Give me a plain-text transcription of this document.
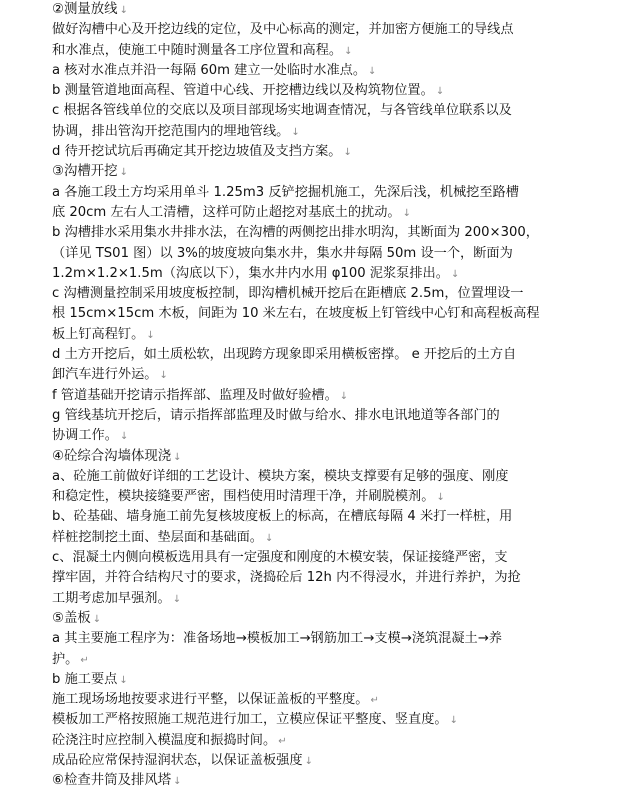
②测量放线 ↓
做好沟槽中心及开挖边线的定位，及中心标高的测定，并加密方便施工的导线点
和水准点，使施工中随时测量各工序位置和高程。 ↓
a 核对水准点并沿一每隔 60m 建立一处临时水准点。 ↓
b 测量管道地面高程、管道中心线、开挖槽边线以及构筑物位置。 ↓
c 根据各管线单位的交底以及项目部现场实地调查情况，与各管线单位联系以及
协调，排出管沟开挖范围内的埋地管线。 ↓
d 待开挖试坑后再确定其开挖边坡值及支挡方案。 ↓
③沟槽开挖 ↓
a 各施工段土方均采用单斗 1.25m3 反铲挖掘机施工，先深后浅，机械挖至路槽
底 20cm 左右人工清槽，这样可防止超挖对基底土的扰动。 ↓
b 沟槽排水采用集水井排水法，在沟槽的两侧挖出排水明沟，其断面为 200×300，
（详见 TS01 图）以 3%的坡度坡向集水井，集水井每隔 50m 设一个，断面为
1.2m×1.2×1.5m（沟底以下），集水井内水用 φ100 泥浆泵排出。 ↓
c 沟槽测量控制采用坡度板控制，即沟槽机械开挖后在距槽底 2.5m，位置埋设一
根 15cm×15cm 木板，间距为 10 米左右，在坡度板上钉管线中心钉和高程板高程
板上钉高程钉。 ↓
d 土方开挖后，如土质松软，出现跨方现象即采用横板密撑。 e 开挖后的土方自
卸汽车进行外运。 ↓
f 管道基础开挖请示指挥部、监理及时做好验槽。 ↓
g 管线基坑开挖后，请示指挥部监理及时做与给水、排水电讯地道等各部门的
协调工作。 ↓
④砼综合沟墙体现浇 ↓
a、砼施工前做好详细的工艺设计、模块方案，模块支撑要有足够的强度、刚度
和稳定性，模块接缝要严密，围档使用时清理干净，并刷脱模剂。 ↓
b、砼基础、墙身施工前先复核坡度板上的标高，在槽底每隔 4 米打一样桩，用
样桩挖制挖土面、垫层面和基础面。 ↓
c、混凝土内侧向模板选用具有一定强度和刚度的木模安装，保证接缝严密，支
撑牢固，并符合结构尺寸的要求，浇捣砼后 12h 内不得浸水，并进行养护，为抢
工期考虑加早强剂。 ↓
⑤盖板 ↓
a 其主要施工程序为：准备场地→模板加工→钢筋加工→支模→浇筑混凝土→养
护。 ↵
b 施工要点 ↓
施工现场场地按要求进行平整，以保证盖板的平整度。 ↵
模板加工严格按照施工规范进行加工，立模应保证平整度、竖直度。 ↓
砼浇注时应控制入模温度和振捣时间。 ↵
成品砼应常保持湿润状态，以保证盖板强度 ↓
⑥检查井筒及排风塔 ↓
